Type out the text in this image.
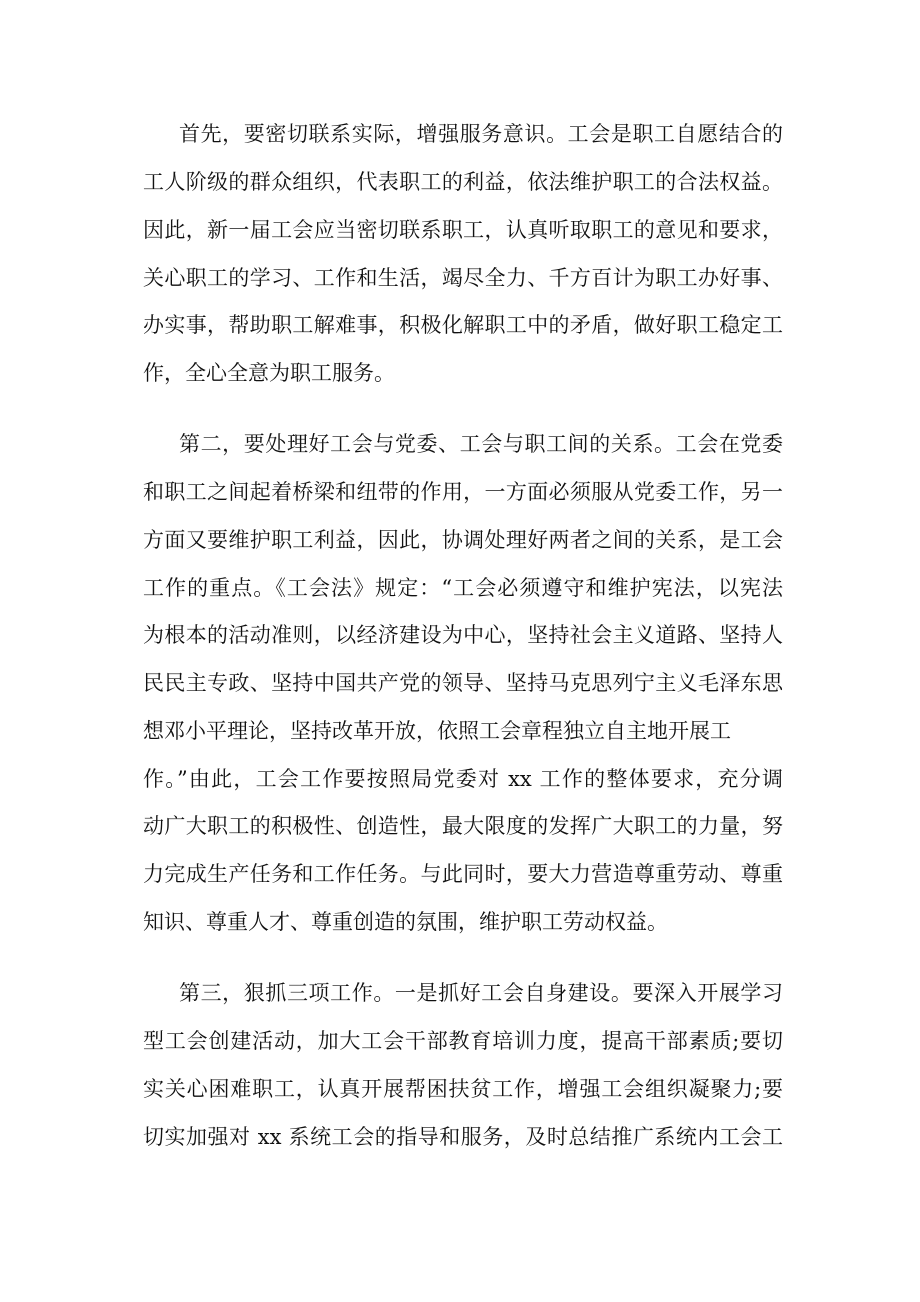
首先，要密切联系实际，增强服务意识。工会是职工自愿结合的
工人阶级的群众组织，代表职工的利益，依法维护职工的合法权益。
因此，新一届工会应当密切联系职工，认真听取职工的意见和要求，
关心职工的学习、工作和生活，竭尽全力、千方百计为职工办好事、
办实事，帮助职工解难事，积极化解职工中的矛盾，做好职工稳定工
作，全心全意为职工服务。
第二，要处理好工会与党委、工会与职工间的关系。工会在党委
和职工之间起着桥梁和纽带的作用，一方面必须服从党委工作，另一
方面又要维护职工利益，因此，协调处理好两者之间的关系，是工会
工作的重点。《工会法》规定：“工会必须遵守和维护宪法，以宪法
为根本的活动准则，以经济建设为中心，坚持社会主义道路、坚持人
民民主专政、坚持中国共产党的领导、坚持马克思列宁主义毛泽东思
想邓小平理论，坚持改革开放，依照工会章程独立自主地开展工
作。”由此，工会工作要按照局党委对 xx 工作的整体要求，充分调
动广大职工的积极性、创造性，最大限度的发挥广大职工的力量，努
力完成生产任务和工作任务。与此同时，要大力营造尊重劳动、尊重
知识、尊重人才、尊重创造的氛围，维护职工劳动权益。
第三，狠抓三项工作。一是抓好工会自身建设。要深入开展学习
型工会创建活动，加大工会干部教育培训力度，提高干部素质;要切
实关心困难职工，认真开展帮困扶贫工作，增强工会组织凝聚力;要
切实加强对 xx 系统工会的指导和服务，及时总结推广系统内工会工
